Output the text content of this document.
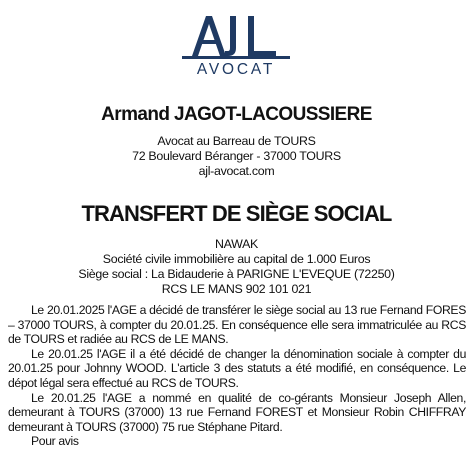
AVOCAT
Armand JAGOT-LACOUSSIERE
Avocat au Barreau de TOURS
72 Boulevard Béranger - 37000 TOURS
ajl-avocat.com
TRANSFERT DE SIÈGE SOCIAL
NAWAK
Société civile immobilière au capital de 1.000 Euros
Siège social : La Bidauderie à PARIGNE L'EVEQUE (72250)
RCS LE MANS 902 101 021

Le 20.01.2025 l'AGE a décidé de transférer le siège social au 13 rue Fernand FORES – 37000 TOURS, à compter du 20.01.25. En conséquence elle sera immatriculée au RCS de TOURS et radiée au RCS de LE MANS.

Le 20.01.25 l'AGE il a été décidé de changer la dénomination sociale à compter du 20.01.25 pour Johnny WOOD. L'article 3 des statuts a été modifié, en conséquence. Le dépot légal sera effectué au RCS de TOURS.

Le 20.01.25 l'AGE a nommé en qualité de co-gérants Monsieur Joseph Allen, demeurant à TOURS (37000) 13 rue Fernand FOREST et Monsieur Robin CHIFFRAY demeurant à TOURS (37000) 75 rue Stéphane Pitard.

Pour avis
